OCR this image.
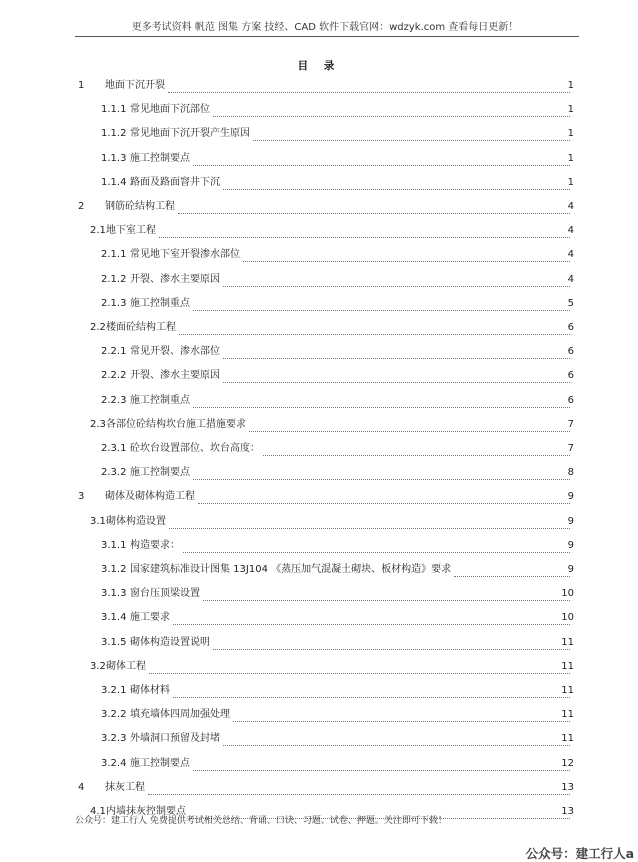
更多考试资料 帆范 图集 方案 技经、CAD 软件下载官网：wdzyk.com 查看每日更新！
目 录
1 地面下沉开裂	1
1.1.1 常见地面下沉部位	1
1.1.2 常见地面下沉开裂产生原因	1
1.1.3 施工控制要点	1
1.1.4 路面及路面窨井下沉	1
2 钢筋砼结构工程	4
2.1 地下室工程	4
2.1.1 常见地下室开裂渗水部位	4
2.1.2 开裂、渗水主要原因	4
2.1.3 施工控制重点	5
2.2 楼面砼结构工程	6
2.2.1 常见开裂、渗水部位	6
2.2.2 开裂、渗水主要原因	6
2.2.3 施工控制重点	6
2.3 各部位砼结构坎台施工措施要求	7
2.3.1 砼坎台设置部位、坎台高度：	7
2.3.2 施工控制要点	8
3 砌体及砌体构造工程	9
3.1 砌体构造设置	9
3.1.1 构造要求：	9
3.1.2 国家建筑标准设计图集 13J104 《蒸压加气混凝土砌块、板材构造》要求	9
3.1.3 窗台压顶梁设置	10
3.1.4 施工要求	10
3.1.5 砌体构造设置说明	11
3.2 砌体工程	11
3.2.1 砌体材料	11
3.2.2 填充墙体四周加强处理	11
3.2.3 外墙洞口预留及封堵	11
3.2.4 施工控制要点	12
4 抹灰工程	13
4.1 内墙抹灰控制要点	13
公众号：建工行人 免费提供考试相关总结、背诵、口诀、习题、试卷、押题。关注即可下载！
公众号：建工行人a
